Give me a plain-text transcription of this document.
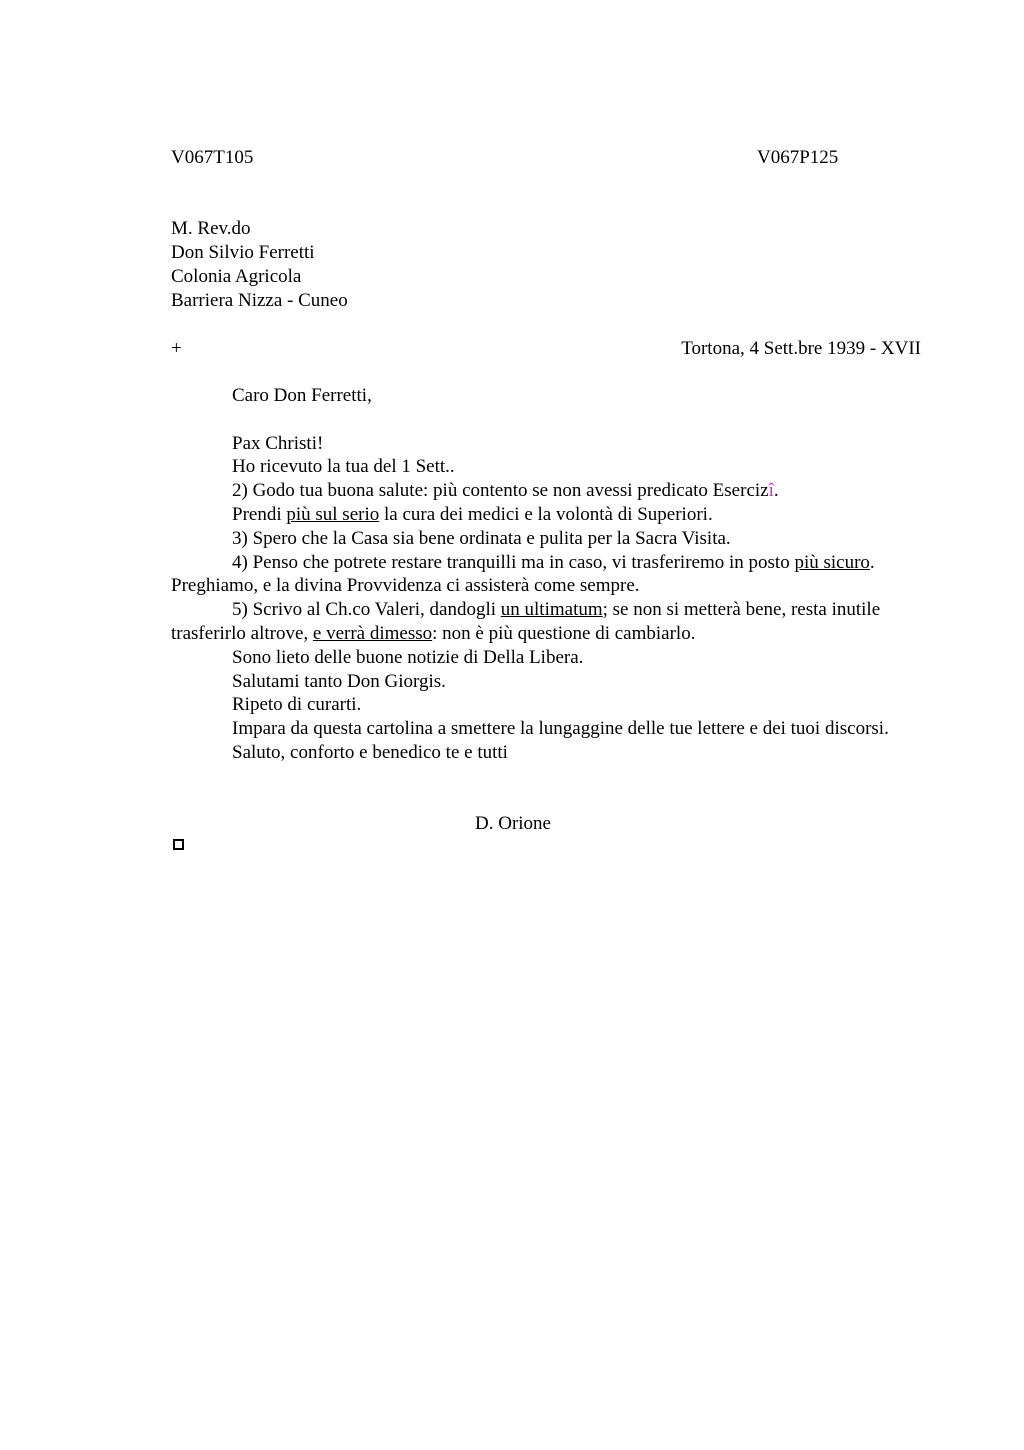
V067T105	V067P125
M. Rev.do
Don Silvio Ferretti
Colonia Agricola
Barriera Nizza - Cuneo
+	Tortona, 4 Sett.bre 1939 - XVII

Caro Don Ferretti,

Pax Christi!

Ho ricevuto la tua del 1 Sett..

2) Godo tua buona salute: più contento se non avessi predicato Esercizî.

Prendi più sul serio la cura dei medici e la volontà di Superiori.

3) Spero che la Casa sia bene ordinata e pulita per la Sacra Visita.

4) Penso che potrete restare tranquilli ma in caso, vi trasferiremo in posto più sicuro. Preghiamo, e la divina Provvidenza ci assisterà come sempre.

5) Scrivo al Ch.co Valeri, dandogli un ultimatum; se non si metterà bene, resta inutile trasferirlo altrove, e verrà dimesso: non è più questione di cambiarlo.

Sono lieto delle buone notizie di Della Libera.

Salutami tanto Don Giorgis.

Ripeto di curarti.

Impara da questa cartolina a smettere la lungaggine delle tue lettere e dei tuoi discorsi.

Saluto, conforto e benedico te e tutti

D. Orione
